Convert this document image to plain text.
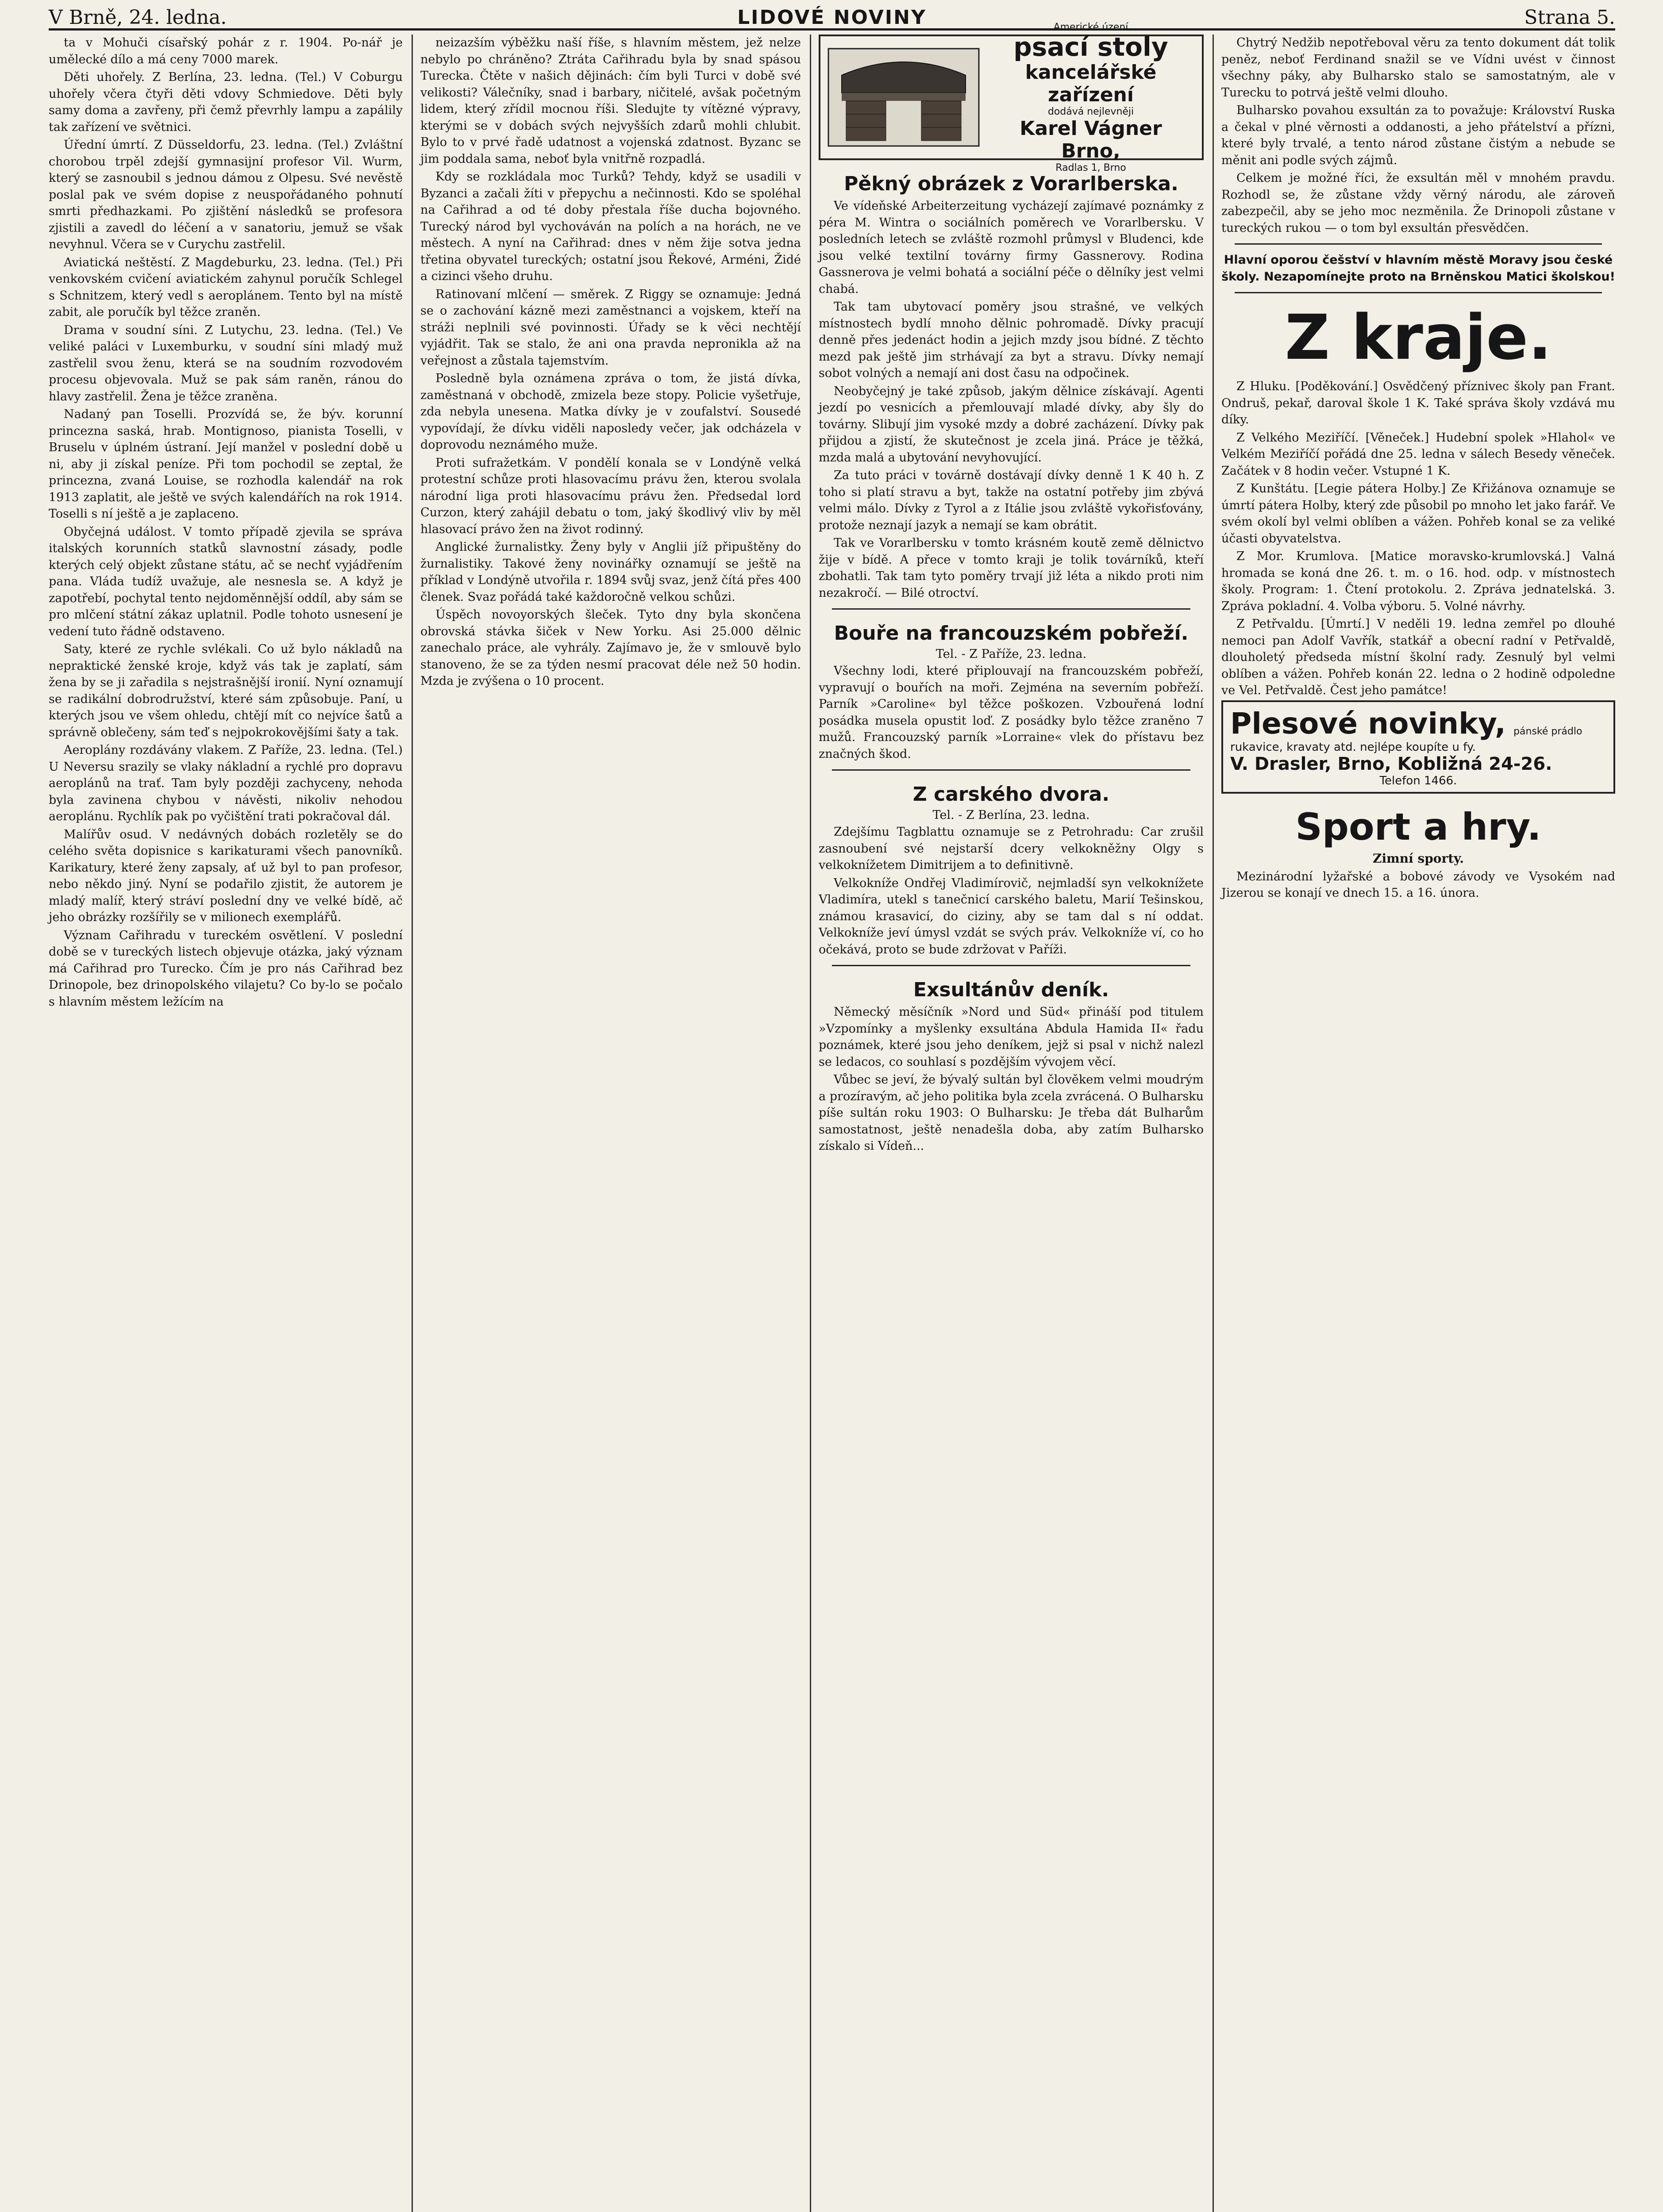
V Brně, 24. ledna.	LIDOVÉ NOVINY	Strana 5.

ta v Mohuči císařský pohár z r. 1904. Po-nář je umělecké dílo a má ceny 7000 marek.

Děti uhořely. Z Berlína, 23. ledna. (Tel.) V Coburgu uhořely včera čtyři děti vdovy Schmiedove. Děti byly samy doma a zavřeny, při čemž převrhly lampu a zapálily tak zařízení ve světnici.

Úřední úmrtí. Z Düsseldorfu, 23. ledna. (Tel.) Zvláštní chorobou trpěl zdejší gymnasijní profesor Vil. Wurm, který se zasnoubil s jednou dámou z Olpesu. Své nevěstě poslal pak ve svém dopise z neuspořádaného pohnutí smrti předhazkami. Po zjištění následků se profesora zjistili a zavedl do léčení a v sanatoriu, jemuž se však nevyhnul. Včera se v Curychu zastřelil.

Aviatická neštěstí. Z Magdeburku, 23. ledna. (Tel.) Při venkovském cvičení aviatickém zahynul poručík Schlegel s Schnitzem, který vedl s aeroplánem. Tento byl na místě zabit, ale poručík byl těžce zraněn.

Drama v soudní síni. Z Lutychu, 23. ledna. (Tel.) Ve veliké paláci v Luxemburku, v soudní síni mladý muž zastřelil svou ženu, která se na soudním rozvodovém procesu objevovala. Muž se pak sám raněn, ránou do hlavy zastřelil. Žena je těžce zraněna.

Nadaný pan Toselli. Prozvídá se, že býv. korunní princezna saská, hrab. Montignoso, pianista Toselli, v Bruselu v úplném ústraní. Její manžel v poslední době u ni, aby ji získal peníze. Při tom pochodil se zeptal, že princezna, zvaná Louise, se rozhodla kalendář na rok 1913 zaplatit, ale ještě ve svých kalendářích na rok 1914. Toselli s ní ještě a je zaplaceno.

Obyčejná událost. V tomto případě zjevila se správa italských korunních statků slavnostní zásady, podle kterých celý objekt zůstane státu, ač se nechť vyjádřením pana. Vláda tudíž uvažuje, ale nesnesla se. A když je zapotřebí, pochytal tento nejdoměnnější oddíl, aby sám se pro mlčení státní zákaz uplatnil. Podle tohoto usnesení je vedení tuto řádně odstaveno.

Saty, které ze rychle svlékali. Co už bylo nákladů na nepraktické ženské kroje, když vás tak je zaplatí, sám žena by se ji zařadila s nejstrašnější ironií. Nyní oznamují se radikální dobrodružství, které sám způsobuje. Paní, u kterých jsou ve všem ohledu, chtějí mít co nejvíce šatů a správně oblečeny, sám teď s nejpokrokovějšími šaty a tak.

Aeroplány rozdávány vlakem. Z Paříže, 23. ledna. (Tel.) U Neversu srazily se vlaky nákladní a rychlé pro dopravu aeroplánů na trať. Tam byly později zachyceny, nehoda byla zavinena chybou v návěsti, nikoliv nehodou aeroplánu. Rychlík pak po vyčištění trati pokračoval dál.

Malířův osud. V nedávných dobách rozletěly se do celého světa dopisnice s karikaturami všech panovníků. Karikatury, které ženy zapsaly, ať už byl to pan profesor, nebo někdo jiný. Nyní se podařilo zjistit, že autorem je mladý malíř, který stráví poslední dny ve velké bídě, ač jeho obrázky rozšířily se v milionech exemplářů.

Význam Cařihradu v tureckém osvětlení. V poslední době se v tureckých listech objevuje otázka, jaký význam má Cařihrad pro Turecko. Čím je pro nás Cařihrad bez Drinopole, bez drinopolského vilajetu? Co by-lo se počalo s hlavním městem ležícím na

neizazším výběžku naší říše, s hlavním městem, jež nelze nebylo po chráněno? Ztráta Cařihradu byla by snad spásou Turecka. Čtěte v našich dějinách: čím byli Turci v době své velikosti? Válečníky, snad i barbary, ničitelé, avšak početným lidem, který zřídil mocnou říši. Sledujte ty vítězné výpravy, kterými se v dobách svých nejvyšších zdarů mohli chlubit. Bylo to v prvé řadě udatnost a vojenská zdatnost. Byzanc se jim poddala sama, neboť byla vnitřně rozpadlá.

Kdy se rozkládala moc Turků? Tehdy, když se usadili v Byzanci a začali žíti v přepychu a nečinnosti. Kdo se spoléhal na Cařihrad a od té doby přestala říše ducha bojovného. Turecký národ byl vychováván na polích a na horách, ne ve městech. A nyní na Cařihrad: dnes v něm žije sotva jedna třetina obyvatel tureckých; ostatní jsou Řekové, Arméni, Židé a cizinci všeho druhu.

Ratinovaní mlčení — směrek. Z Riggy se oznamuje: Jedná se o zachování kázně mezi zaměstnanci a vojskem, kteří na stráži neplnili své povinnosti. Úřady se k věci nechtějí vyjádřit. Tak se stalo, že ani ona pravda nepronikla až na veřejnost a zůstala tajemstvím.

Posledně byla oznámena zpráva o tom, že jistá dívka, zaměstnaná v obchodě, zmizela beze stopy. Policie vyšetřuje, zda nebyla unesena. Matka dívky je v zoufalství. Sousedé vypovídají, že dívku viděli naposledy večer, jak odcházela v doprovodu neznámého muže.

Proti sufražetkám. V pondělí konala se v Londýně velká protestní schůze proti hlasovacímu právu žen, kterou svolala národní liga proti hlasovacímu právu žen. Předsedal lord Curzon, který zahájil debatu o tom, jaký škodlivý vliv by měl hlasovací právo žen na život rodinný.

Anglické žurnalistky. Ženy byly v Anglii jíž připuštěny do žurnalistiky. Takové ženy novinářky oznamují se ještě na příklad v Londýně utvořila r. 1894 svůj svaz, jenž čítá přes 400 členek. Svaz pořádá také každoročně velkou schůzi.

Úspěch novoyorských šleček. Tyto dny byla skončena obrovská stávka šiček v New Yorku. Asi 25.000 dělnic zanechalo práce, ale vyhrály. Zajímavo je, že v smlouvě bylo stanoveno, že se za týden nesmí pracovat déle než 50 hodin. Mzda je zvýšena o 10 procent.

Americké úzení
psací stoly
kancelářské zařízení
dodává nejlevněji
Karel Vágner
Brno,
Radlas 1, Brno
Pěkný obrázek z Vorarlberska.

Ve vídeňské Arbeiterzeitung vycházejí zajímavé poznámky z péra M. Wintra o sociálních poměrech ve Vorarlbersku. V posledních letech se zvláště rozmohl průmysl v Bludenci, kde jsou velké textilní továrny firmy Gassnerovy. Rodina Gassnerova je velmi bohatá a sociální péče o dělníky jest velmi chabá.

Tak tam ubytovací poměry jsou strašné, ve velkých místnostech bydlí mnoho dělnic pohromadě. Dívky pracují denně přes jedenáct hodin a jejich mzdy jsou bídné. Z těchto mezd pak ještě jim strhávají za byt a stravu. Dívky nemají sobot volných a nemají ani dost času na odpočinek.

Neobyčejný je také způsob, jakým dělnice získávají. Agenti jezdí po vesnicích a přemlouvají mladé dívky, aby šly do továrny. Slibují jim vysoké mzdy a dobré zacházení. Dívky pak přijdou a zjistí, že skutečnost je zcela jiná. Práce je těžká, mzda malá a ubytování nevyhovující.

Za tuto práci v továrně dostávají dívky denně 1 K 40 h. Z toho si platí stravu a byt, takže na ostatní potřeby jim zbývá velmi málo. Dívky z Tyrol a z Itálie jsou zvláště vykořisťovány, protože neznají jazyk a nemají se kam obrátit.

Tak ve Vorarlbersku v tomto krásném koutě země dělnictvo žije v bídě. A přece v tomto kraji je tolik továrníků, kteří zbohatli. Tak tam tyto poměry trvají již léta a nikdo proti nim nezakročí. — Bilé otroctví.

Bouře na francouzském pobřeží.
Tel. - Z Paříže, 23. ledna.

Všechny lodi, které připlouvají na francouzském pobřeží, vypravují o bouřích na moři. Zejména na severním pobřeží. Parník »Caroline« byl těžce poškozen. Vzbouřená lodní posádka musela opustit loď. Z posádky bylo těžce zraněno 7 mužů. Francouzský parník »Lorraine« vlek do přístavu bez značných škod.

Z carského dvora.
Tel. - Z Berlína, 23. ledna.

Zdejšímu Tagblattu oznamuje se z Petrohradu: Car zrušil zasnoubení své nejstarší dcery velkokněžny Olgy s velkoknížetem Dimitrijem a to definitivně.

Velkokníže Ondřej Vladimírovič, nejmladší syn velkoknížete Vladimíra, utekl s tanečnicí carského baletu, Marií Tešinskou, známou krasavicí, do ciziny, aby se tam dal s ní oddat. Velkokníže jeví úmysl vzdát se svých práv. Velkokníže ví, co ho očekává, proto se bude zdržovat v Paříži.

Exsultánův deník.

Německý měsíčník »Nord und Süd« přináší pod titulem »Vzpomínky a myšlenky exsultána Abdula Hamida II« řadu poznámek, které jsou jeho deníkem, jejž si psal v nichž nalezl se ledacos, co souhlasí s pozdějším vývojem věcí.

Vůbec se jeví, že bývalý sultán byl člověkem velmi moudrým a prozíravým, ač jeho politika byla zcela zvrácená. O Bulharsku píše sultán roku 1903: O Bulharsku: Je třeba dát Bulharům samostatnost, ještě nenadešla doba, aby zatím Bulharsko získalo si Vídeň...

Chytrý Nedžib nepotřeboval věru za tento dokument dát tolik peněz, neboť Ferdinand snažil se ve Vídni uvést v činnost všechny páky, aby Bulharsko stalo se samostatným, ale v Turecku to potrvá ještě velmi dlouho.

Bulharsko povahou exsultán za to považuje: Království Ruska a čekal v plné věrnosti a oddanosti, a jeho přátelství a přízni, které byly trvalé, a tento národ zůstane čistým a nebude se měnit ani podle svých zájmů.

Celkem je možné říci, že exsultán měl v mnohém pravdu. Rozhodl se, že zůstane vždy věrný národu, ale zároveň zabezpečil, aby se jeho moc nezměnila. Že Drinopoli zůstane v tureckých rukou — o tom byl exsultán přesvědčen.

Hlavní oporou češství v hlavním městě Moravy jsou české školy. Nezapomínejte proto na Brněnskou Matici školskou!

Z kraje.

Z Hluku. [Poděkování.] Osvědčený příznivec školy pan Frant. Ondruš, pekař, daroval škole 1 K. Také správa školy vzdává mu díky.

Z Velkého Meziříčí. [Věneček.] Hudební spolek »Hlahol« ve Velkém Meziříčí pořádá dne 25. ledna v sálech Besedy věneček. Začátek v 8 hodin večer. Vstupné 1 K.

Z Kunštátu. [Legie pátera Holby.] Ze Křižánova oznamuje se úmrtí pátera Holby, který zde působil po mnoho let jako farář. Ve svém okolí byl velmi oblíben a vážen. Pohřeb konal se za veliké účasti obyvatelstva.

Z Mor. Krumlova. [Matice moravsko-krumlovská.] Valná hromada se koná dne 26. t. m. o 16. hod. odp. v místnostech školy. Program: 1. Čtení protokolu. 2. Zpráva jednatelská. 3. Zpráva pokladní. 4. Volba výboru. 5. Volné návrhy.

Z Petřvaldu. [Úmrtí.] V neděli 19. ledna zemřel po dlouhé nemoci pan Adolf Vavřík, statkář a obecní radní v Petřvaldě, dlouholetý předseda místní školní rady. Zesnulý byl velmi oblíben a vážen. Pohřeb konán 22. ledna o 2 hodině odpoledne ve Vel. Petřvaldě. Čest jeho památce!

Plesové novinky, pánské prádlo
rukavice, kravaty atd. nejlépe koupíte u fy.
V. Drasler, Brno, Kobližná 24-26.
Telefon 1466.
Sport a hry.
Zimní sporty.

Mezinárodní lyžařské a bobové závody ve Vysokém nad Jizerou se konají ve dnech 15. a 16. února.
